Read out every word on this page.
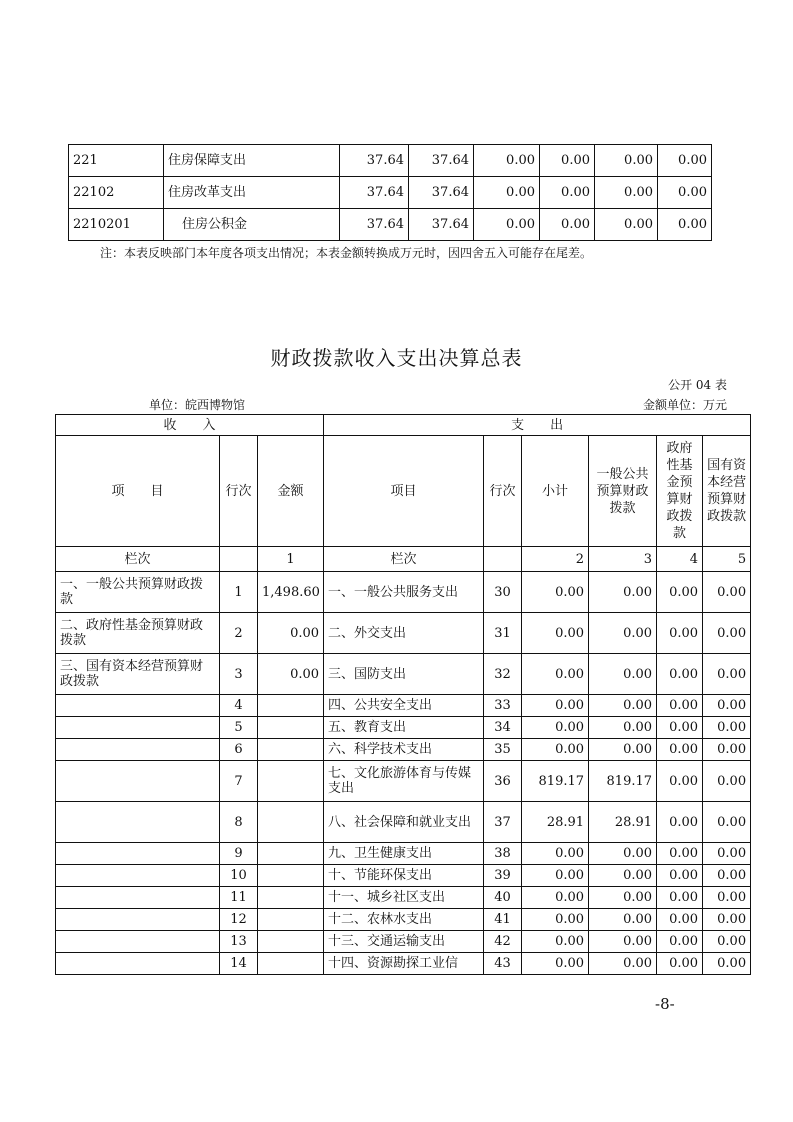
221	住房保障支出	37.64	37.64	0.00	0.00	0.00	0.00
22102	住房改革支出	37.64	37.64	0.00	0.00	0.00	0.00
2210201	住房公积金	37.64	37.64	0.00	0.00	0.00	0.00
注：本表反映部门本年度各项支出情况；本表金额转换成万元时，因四舍五入可能存在尾差。
财政拨款收入支出决算总表
公开 04 表
单位：皖西博物馆	金额单位：万元
收　　入			支　　出					
项　　目	行次	金额	项目	行次	小计	一般公共预算财政拨款	政府性基金预算财政拨款	国有资本经营预算财政拨款
栏次		1	栏次		2	3	4	5
一、一般公共预算财政拨款	1	1,498.60	一、一般公共服务支出	30	0.00	0.00	0.00	0.00
二、政府性基金预算财政拨款	2	0.00	二、外交支出	31	0.00	0.00	0.00	0.00
三、国有资本经营预算财政拨款	3	0.00	三、国防支出	32	0.00	0.00	0.00	0.00
	4		四、公共安全支出	33	0.00	0.00	0.00	0.00
	5		五、教育支出	34	0.00	0.00	0.00	0.00
	6		六、科学技术支出	35	0.00	0.00	0.00	0.00
	7		七、文化旅游体育与传媒支出	36	819.17	819.17	0.00	0.00
	8		八、社会保障和就业支出	37	28.91	28.91	0.00	0.00
	9		九、卫生健康支出	38	0.00	0.00	0.00	0.00
	10		十、节能环保支出	39	0.00	0.00	0.00	0.00
	11		十一、城乡社区支出	40	0.00	0.00	0.00	0.00
	12		十二、农林水支出	41	0.00	0.00	0.00	0.00
	13		十三、交通运输支出	42	0.00	0.00	0.00	0.00
	14		十四、资源勘探工业信	43	0.00	0.00	0.00	0.00
-8-
